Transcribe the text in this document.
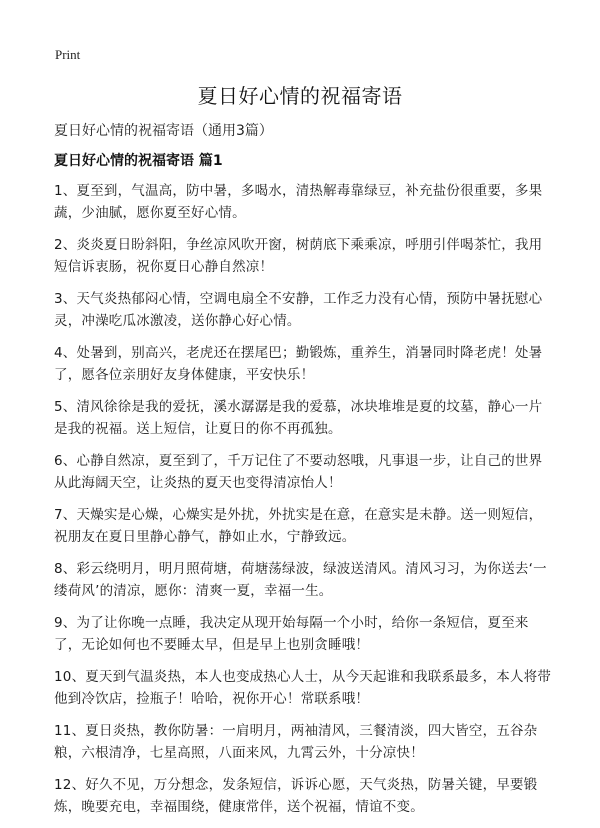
Print
夏日好心情的祝福寄语
夏日好心情的祝福寄语（通用3篇）
夏日好心情的祝福寄语 篇1

1、夏至到，气温高，防中暑，多喝水，清热解毒靠绿豆，补充盐份很重要，多果蔬，少油腻，愿你夏至好心情。

2、炎炎夏日盼斜阳，争丝凉风吹开窗，树荫底下乘乘凉，呼朋引伴喝茶忙，我用短信诉衷肠，祝你夏日心静自然凉！

3、天气炎热郁闷心情，空调电扇全不安静，工作乏力没有心情，预防中暑抚慰心灵，冲澡吃瓜冰激凌，送你静心好心情。

4、处暑到，别高兴，老虎还在摆尾巴；勤锻炼，重养生，消暑同时降老虎！处暑了，愿各位亲朋好友身体健康，平安快乐！

5、清风徐徐是我的爱抚，溪水潺潺是我的爱慕，冰块堆堆是夏的坟墓，静心一片是我的祝福。送上短信，让夏日的你不再孤独。

6、心静自然凉，夏至到了，千万记住了不要动怒哦，凡事退一步，让自己的世界从此海阔天空，让炎热的夏天也变得清凉怡人！

7、天燥实是心燥，心燥实是外扰，外扰实是在意，在意实是未静。送一则短信，祝朋友在夏日里静心静气，静如止水，宁静致远。

8、彩云绕明月，明月照荷塘，荷塘荡绿波，绿波送清风。清风习习，为你送去‘一缕荷风’的清凉，愿你：清爽一夏，幸福一生。

9、为了让你晚一点睡，我决定从现开始每隔一个小时，给你一条短信，夏至来了，无论如何也不要睡太早，但是早上也别贪睡哦！

10、夏天到气温炎热，本人也变成热心人士，从今天起谁和我联系最多，本人将带他到冷饮店，捡瓶子！哈哈，祝你开心！常联系哦！

11、夏日炎热，教你防暑：一肩明月，两袖清风，三餐清淡，四大皆空，五谷杂粮，六根清净，七星高照，八面来风，九霄云外，十分凉快！

12、好久不见，万分想念，发条短信，诉诉心愿，天气炎热，防暑关键，早要锻炼，晚要充电，幸福围绕，健康常伴，送个祝福，情谊不变。
